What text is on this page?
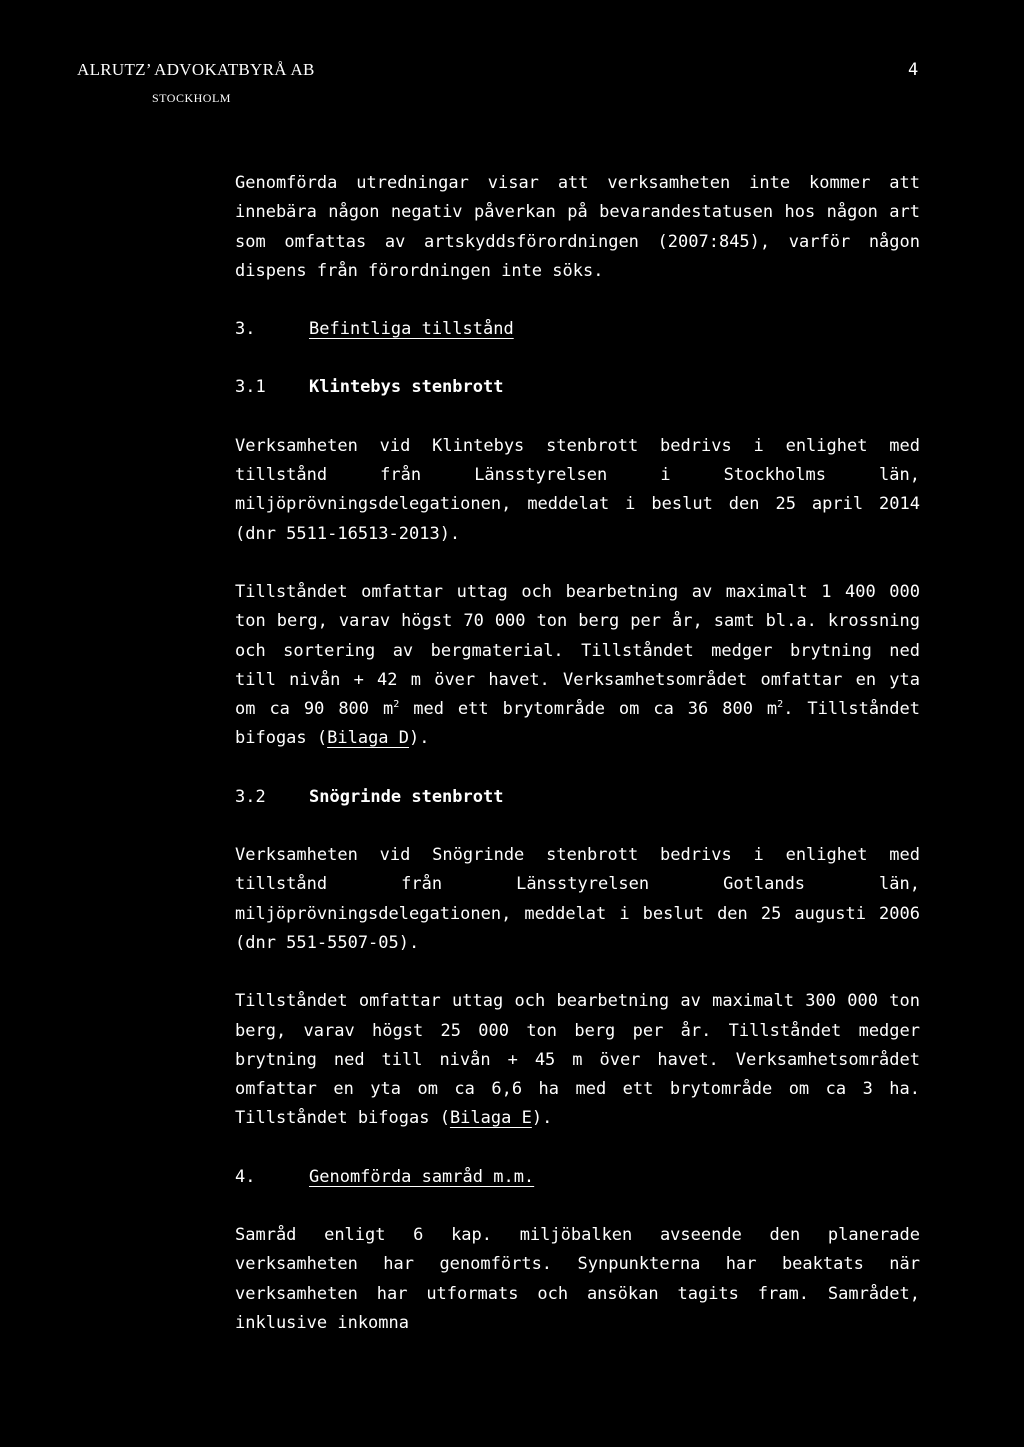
ALRUTZ’ ADVOKATBYRÅ AB
STOCKHOLM
4

Genomförda utredningar visar att verksamheten inte kommer att innebära någon negativ påverkan på bevarandestatusen hos någon art som omfattas av artskyddsförordningen (2007:845), varför någon dispens från förordningen inte söks.

3.	Befintliga tillstånd
3.1	Klintebys stenbrott

Verksamheten vid Klintebys stenbrott bedrivs i enlighet med tillstånd från Länsstyrelsen i Stockholms län, miljöprövningsdelegationen, meddelat i beslut den 25 april 2014 (dnr 5511-16513-2013).

Tillståndet omfattar uttag och bearbetning av maximalt 1 400 000 ton berg, varav högst 70 000 ton berg per år, samt bl.a. krossning och sortering av bergmaterial. Tillståndet medger brytning ned till nivån + 42 m över havet. Verksamhetsområdet omfattar en yta om ca 90 800 $m^2$ med ett brytområde om ca 36 800 $m^2$. Tillståndet bifogas (Bilaga D).

3.2	Snögrinde stenbrott

Verksamheten vid Snögrinde stenbrott bedrivs i enlighet med tillstånd från Länsstyrelsen Gotlands län, miljöprövningsdelegationen, meddelat i beslut den 25 augusti 2006 (dnr 551-5507-05).

Tillståndet omfattar uttag och bearbetning av maximalt 300 000 ton berg, varav högst 25 000 ton berg per år. Tillståndet medger brytning ned till nivån + 45 m över havet. Verksamhetsområdet omfattar en yta om ca 6,6 ha med ett brytområde om ca 3 ha. Tillståndet bifogas (Bilaga E).

4.	Genomförda samråd m.m.

Samråd enligt 6 kap. miljöbalken avseende den planerade verksamheten har genomförts. Synpunkterna har beaktats när verksamheten har utformats och ansökan tagits fram. Samrådet, inklusive inkomna
